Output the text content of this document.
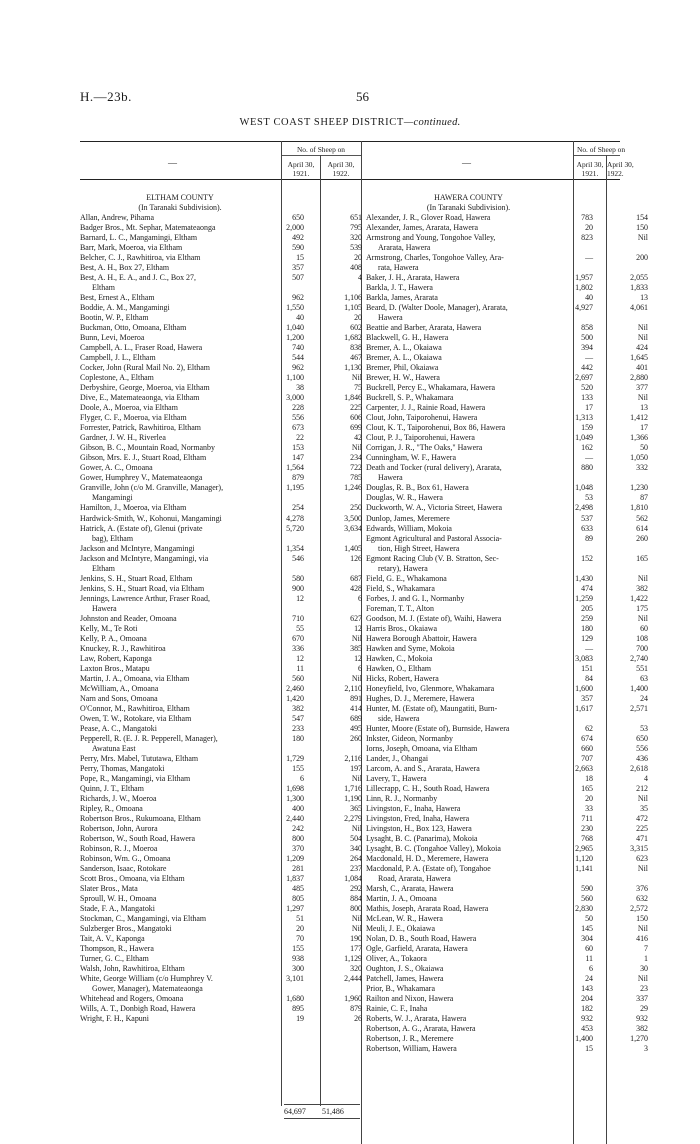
H.—23b.	56
WEST COAST SHEEP DISTRICT—continued.
—
No. of Sheep on
April 30,
1921.
April 30,
1922.
—
No. of Sheep on
April 30,
1921.
April 30,
1922.
ELTHAM COUNTY
(In Taranaki Subdivision).
Allan, Andrew, Pihama	650	651
Badger Bros., Mt. Sephar, Matemateaonga	2,000	795
Barnard, L. C., Mangamingi, Eltham	492	320
Barr, Mark, Moeroa, via Eltham	590	539
Belcher, C. J., Rawhitiroa, via Eltham	15	20
Best, A. H., Box 27, Eltham	357	408
Best, A. H., E. A., and J. C., Box 27,	507	4
Eltham
Best, Ernest A., Eltham	962	1,106
Boddie, A. M., Mangamingi	1,550	1,105
Bootin, W. P., Eltham	40	20
Buckman, Otto, Omoana, Eltham	1,040	602
Bunn, Levi, Moeroa	1,200	1,682
Campbell, A. L., Fraser Road, Hawera	740	838
Campbell, J. L., Eltham	544	467
Cocker, John (Rural Mail No. 2), Eltham	962	1,130
Coplestone, A., Eltham	1,100	Nil
Derbyshire, George, Moeroa, via Eltham	38	75
Dive, E., Matemateaonga, via Eltham	3,000	1,846
Doole, A., Moeroa, via Eltham	228	225
Flyger, C. F., Moeroa, via Eltham	556	606
Forrester, Patrick, Rawhitiroa, Eltham	673	699
Gardner, J. W. H., Riverlea	22	42
Gibson, B. C., Mountain Road, Normanby	153	Nil
Gibson, Mrs. E. J., Stuart Road, Eltham	147	234
Gower, A. C., Omoana	1,564	722
Gower, Humphrey V., Matemateaonga	879	785
Granville, John (c/o M. Granville, Manager),	1,195	1,246
Mangamingi
Hamilton, J., Moeroa, via Eltham	254	250
Hardwick-Smith, W., Kohonui, Mangamingi	4,278	3,500
Hatrick, A. (Estate of), Glenui (private	5,720	3,634
bag), Eltham
Jackson and McIntyre, Mangamingi	1,354	1,405
Jackson and McIntyre, Mangamingi, via	546	126
Eltham
Jenkins, S. H., Stuart Road, Eltham	580	687
Jenkins, S. H., Stuart Road, via Eltham	900	428
Jennings, Lawrence Arthur, Fraser Road,	12	6
Hawera
Johnston and Reader, Omoana	710	627
Kelly, M., Te Roti	55	12
Kelly, P. A., Omoana	670	Nil
Knuckey, R. J., Rawhitiroa	336	385
Law, Robert, Kaponga	12	12
Laxton Bros., Matapu	11	6
Martin, J. A., Omoana, via Eltham	560	Nil
McWilliam, A., Omoana	2,460	2,110
Narn and Sons, Omoana	1,420	891
O'Connor, M., Rawhitiroa, Eltham	382	414
Owen, T. W., Rotokare, via Eltham	547	689
Pease, A. C., Mangatoki	233	495
Pepperell, R. (E. J. R. Pepperell, Manager),	180	260
Awatuna East
Perry, Mrs. Mabel, Tututawa, Eltham	1,729	2,116
Perry, Thomas, Mangatoki	155	197
Pope, R., Mangamingi, via Eltham	6	Nil
Quinn, J. T., Eltham	1,698	1,716
Richards, J. W., Moeroa	1,300	1,190
Ripley, R., Omoana	400	365
Robertson Bros., Rukumoana, Eltham	2,440	2,279
Robertson, John, Aurora	242	Nil
Robertson, W., South Road, Hawera	800	504
Robinson, R. J., Moeroa	370	340
Robinson, Wm. G., Omoana	1,209	264
Sanderson, Isaac, Rotokare	281	237
Scott Bros., Omoana, via Eltham	1,837	1,084
Slater Bros., Mata	485	292
Sproull, W. H., Omoana	805	884
Stade, F. A., Mangatoki	1,297	800
Stockman, C., Mangamingi, via Eltham	51	Nil
Sulzberger Bros., Mangatoki	20	Nil
Tait, A. V., Kaponga	70	190
Thompson, R., Hawera	155	177
Turner, G. C., Eltham	938	1,129
Walsh, John, Rawhitiroa, Eltham	300	320
White, George William (c/o Humphrey V.	3,101	2,444
Gower, Manager), Matemateaonga
Whitehead and Rogers, Omoana	1,680	1,960
Wills, A. T., Donbigh Road, Hawera	895	879
Wright, F. H., Kapuni	19	26
64,697 51,486
HAWERA COUNTY
(In Taranaki Subdivision).
Alexander, J. R., Glover Road, Hawera	783	154
Alexander, James, Ararata, Hawera	20	150
Armstrong and Young, Tongohoe Valley,	823	Nil
Ararata, Hawera
Armstrong, Charles, Tongohoe Valley, Ara-	—	200
rata, Hawera
Baker, J. H., Ararata, Hawera	1,957	2,055
Barkla, J. T., Hawera	1,802	1,833
Barkla, James, Ararata	40	13
Beard, D. (Walter Doole, Manager), Ararata,	4,927	4,061
Hawera
Beattie and Barber, Ararata, Hawera	858	Nil
Blackwell, G. H., Hawera	500	Nil
Bremer, A. L., Okaiawa	394	424
Bremer, A. L., Okaiawa	—	1,645
Bremer, Phil, Okaiawa	442	401
Brewer, H. W., Hawera	2,697	2,880
Buckrell, Percy E., Whakamara, Hawera	520	377
Buckrell, S. P., Whakamara	133	Nil
Carpenter, J. J., Rainie Road, Hawera	17	13
Clout, John, Taiporohenui, Hawera	1,313	1,412
Clout, K. T., Taiporohenui, Box 86, Hawera	159	17
Clout, P. J., Taiporohenui, Hawera	1,049	1,366
Corrigan, J. R., "The Oaks," Hawera	162	50
Cunningham, W. F., Hawera	—	1,050
Death and Tocker (rural delivery), Ararata,	880	332
Hawera
Douglas, R. B., Box 61, Hawera	1,048	1,230
Douglas, W. R., Hawera	53	87
Duckworth, W. A., Victoria Street, Hawera	2,498	1,810
Dunlop, James, Meremere	537	562
Edwards, William, Mokoia	633	614
Egmont Agricultural and Pastoral Associa-	89	260
tion, High Street, Hawera
Egmont Racing Club (V. B. Stratton, Sec-	152	165
retary), Hawera
Field, G. E., Whakamona	1,430	Nil
Field, S., Whakamara	474	382
Forbes, J. and G. I., Normanby	1,259	1,422
Foreman, T. T., Alton	205	175
Goodson, M. J. (Estate of), Waihi, Hawera	259	Nil
Harris Bros., Okaiawa	180	60
Hawera Borough Abattoir, Hawera	129	108
Hawken and Syme, Mokoia	—	700
Hawken, C., Mokoia	3,083	2,740
Hawken, O., Eltham	151	551
Hicks, Robert, Hawera	84	63
Honeyfield, Ivo, Glenmore, Whakamara	1,600	1,400
Hughes, D. J., Meremere, Hawera	357	24
Hunter, M. (Estate of), Maungatiti, Burn-	1,617	2,571
side, Hawera
Hunter, Moore (Estate of), Burnside, Hawera	62	53
Inkster, Gideon, Normanby	674	650
Iorns, Joseph, Omoana, via Eltham	660	556
Lander, J., Ohangai	707	436
Larcom, A. and S., Ararata, Hawera	2,663	2,618
Lavery, T., Hawera	18	4
Lillecrapp, C. H., South Road, Hawera	165	212
Linn, R. J., Normanby	20	Nil
Livingston, F., Inaha, Hawera	33	35
Livingston, Fred, Inaha, Hawera	711	472
Livingston, H., Box 123, Hawera	230	225
Lysaght, B. C. (Panarima), Mokoia	768	471
Lysaght, B. C. (Tongahoe Valley), Mokoia	2,965	3,315
Macdonald, H. D., Meremere, Hawera	1,120	623
Macdonald, P. A. (Estate of), Tongahoe	1,141	Nil
Road, Ararata, Hawera
Marsh, C., Ararata, Hawera	590	376
Martin, J. A., Omoana	560	632
Mathis, Joseph, Ararata Road, Hawera	2,830	2,572
McLean, W. R., Hawera	50	150
Meuli, J. E., Okaiawa	145	Nil
Nolan, D. B., South Road, Hawera	304	416
Ogle, Garfield, Ararata, Hawera	60	7
Oliver, A., Tokaora	11	1
Oughton, J. S., Okaiawa	6	30
Patchell, James, Hawera	24	Nil
Prior, B., Whakamara	143	23
Railton and Nixon, Hawera	204	337
Rainie, C. F., Inaha	182	29
Roberts, W. J., Ararata, Hawera	932	932
Robertson, A. G., Ararata, Hawera	453	382
Robertson, J. R., Meremere	1,400	1,270
Robertson, William, Hawera	15	3
